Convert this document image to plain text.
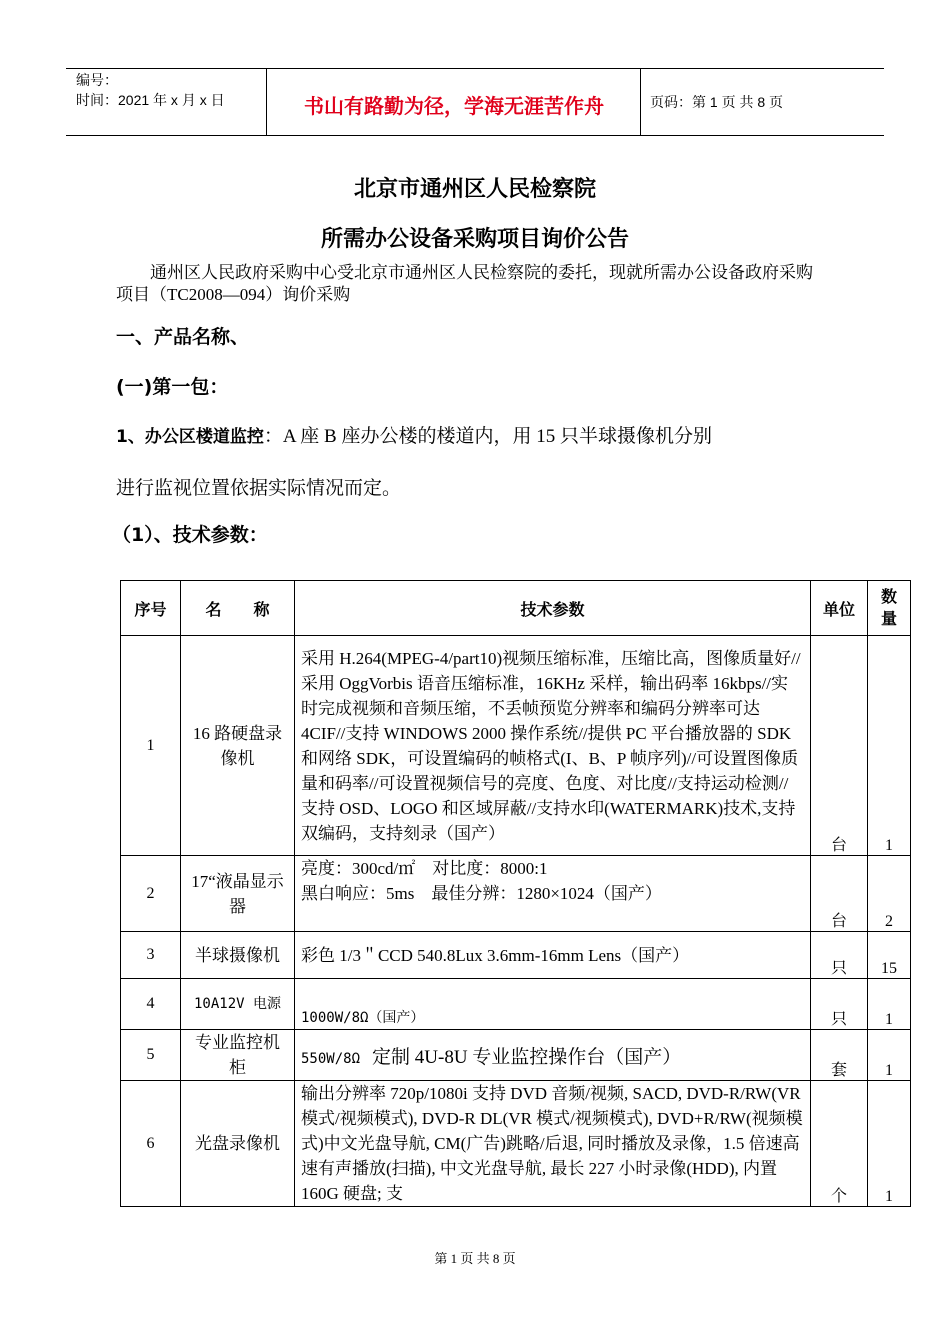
编号：
时间：2021 年 x 月 x 日	书山有路勤为径，学海无涯苦作舟	页码：第 1 页 共 8 页
北京市通州区人民检察院
所需办公设备采购项目询价公告
通州区人民政府采购中心受北京市通州区人民检察院的委托，现就所需办公设备政府采购项目（TC2008—094）询价采购
一、产品名称、
(一)第一包：
1、办公区楼道监控：A 座 B 座办公楼的楼道内，用 15 只半球摄像机分别
进行监视位置依据实际情况而定。
（1）、技术参数：
序号	名　　称	技术参数	单位	数量
1	16 路硬盘录像机	采用 H.264(MPEG-4/part10)视频压缩标准，压缩比高，图像质量好//采用 OggVorbis 语音压缩标准，16KHz 采样，输出码率 16kbps//实时完成视频和音频压缩，不丢帧预览分辨率和编码分辨率可达 4CIF//支持 WINDOWS 2000 操作系统//提供 PC 平台播放器的 SDK 和网络 SDK，可设置编码的帧格式(I、B、P 帧序列)//可设置图像质量和码率//可设置视频信号的亮度、色度、对比度//支持运动检测//支持 OSD、LOGO 和区域屏蔽//支持水印(WATERMARK)技术,支持双编码，支持刻录（国产）	台	1
2	17“液晶显示器	亮度：300cd/㎡　对比度：8000:1
黑白响应：5ms　最佳分辨：1280×1024（国产）	台	2
3	半球摄像机	彩色 1/3＂CCD 540.8Lux 3.6mm-16mm Lens（国产）	只	15
4	10A12V 电源	1000W/8Ω（国产）	只	1
5	专业监控机柜	550W/8Ω 定制 4U-8U 专业监控操作台（国产）	套	1
6	光盘录像机	输出分辨率 720p/1080i 支持 DVD 音频/视频, SACD, DVD-R/RW(VR 模式/视频模式), DVD-R DL(VR 模式/视频模式), DVD+R/RW(视频模式)中文光盘导航, CM(广告)跳略/后退, 同时播放及录像，1.5 倍速高速有声播放(扫描), 中文光盘导航, 最长 227 小时录像(HDD), 内置 160G 硬盘; 支	个	1
第 1 页 共 8 页
